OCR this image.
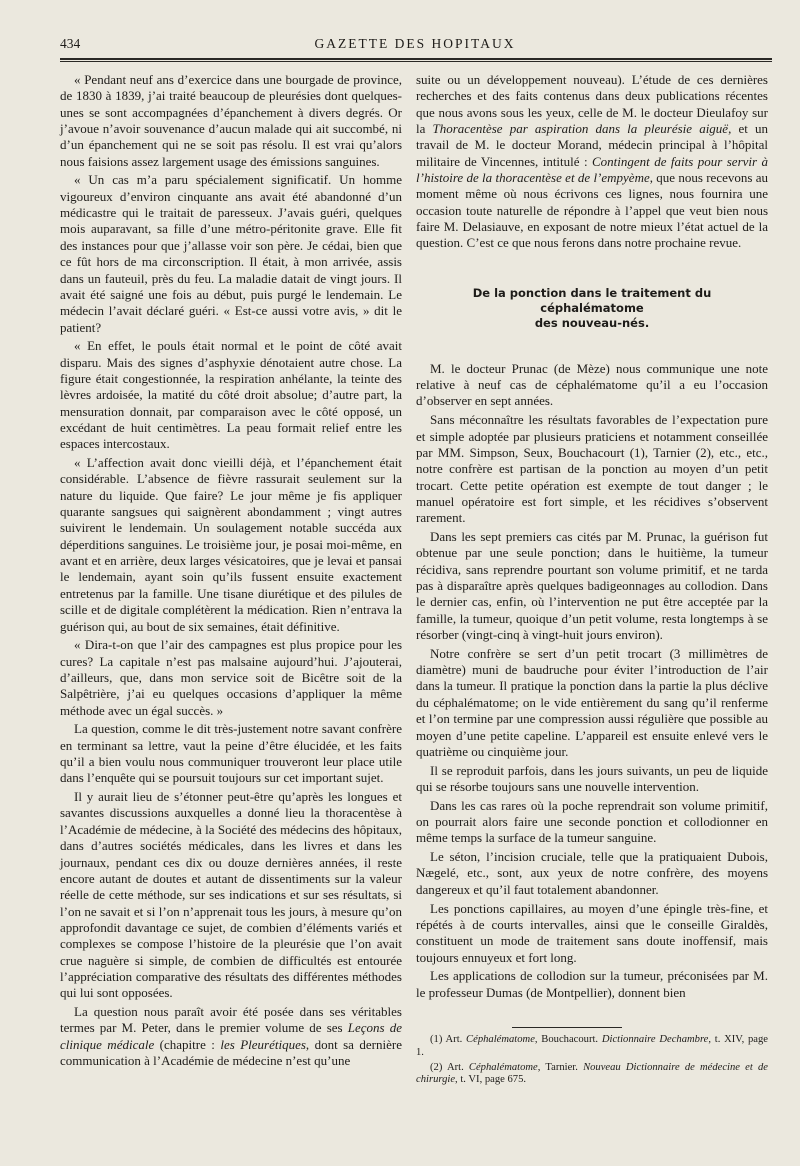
434	GAZETTE DES HOPITAUX

« Pendant neuf ans d’exercice dans une bourgade de province, de 1830 à 1839, j’ai traité beaucoup de pleurésies dont quelques-unes se sont accompagnées d’épanchement à divers degrés. Or j’avoue n’avoir souvenance d’aucun malade qui ait succombé, ni d’un épanchement qui ne se soit pas résolu. Il est vrai qu’alors nous faisions assez largement usage des émissions sanguines.

« Un cas m’a paru spécialement significatif. Un homme vigoureux d’environ cinquante ans avait été abandonné d’un médicastre qui le traitait de paresseux. J’avais guéri, quelques mois auparavant, sa fille d’une métro-péritonite grave. Elle fit des instances pour que j’allasse voir son père. Je cédai, bien que ce fût hors de ma circonscription. Il était, à mon arrivée, assis dans un fauteuil, près du feu. La maladie datait de vingt jours. Il avait été saigné une fois au début, puis purgé le lendemain. Le médecin l’avait déclaré guéri. « Est-ce aussi votre avis, » dit le patient?

« En effet, le pouls était normal et le point de côté avait disparu. Mais des signes d’asphyxie dénotaient autre chose. La figure était congestionnée, la respiration anhélante, la teinte des lèvres ardoisée, la matité du côté droit absolue; d’autre part, la mensuration donnait, par comparaison avec le côté opposé, un excédant de huit centimètres. La peau formait relief entre les espaces intercostaux.

« L’affection avait donc vieilli déjà, et l’épanchement était considérable. L’absence de fièvre rassurait seulement sur la nature du liquide. Que faire? Le jour même je fis appliquer quarante sangsues qui saignèrent abondamment ; vingt autres suivirent le lendemain. Un soulagement notable succéda aux déperditions sanguines. Le troisième jour, je posai moi-même, en avant et en arrière, deux larges vésicatoires, que je levai et pansai le lendemain, ayant soin qu’ils fussent ensuite exactement entretenus par la famille. Une tisane diurétique et des pilules de scille et de digitale complétèrent la médication. Rien n’entrava la guérison qui, au bout de six semaines, était définitive.

« Dira-t-on que l’air des campagnes est plus propice pour les cures? La capitale n’est pas malsaine aujourd’hui. J’ajouterai, d’ailleurs, que, dans mon service soit de Bicêtre soit de la Salpêtrière, j’ai eu quelques occasions d’appliquer la même méthode avec un égal succès. »

La question, comme le dit très-justement notre savant confrère en terminant sa lettre, vaut la peine d’être élucidée, et les faits qu’il a bien voulu nous communiquer trouveront leur place utile dans l’enquête qui se poursuit toujours sur cet important sujet.

Il y aurait lieu de s’étonner peut-être qu’après les longues et savantes discussions auxquelles a donné lieu la thoracentèse à l’Académie de médecine, à la Société des médecins des hôpitaux, dans d’autres sociétés médicales, dans les livres et dans les journaux, pendant ces dix ou douze dernières années, il reste encore autant de doutes et autant de dissentiments sur la valeur réelle de cette méthode, sur ses indications et sur ses résultats, si l’on ne savait et si l’on n’apprenait tous les jours, à mesure qu’on approfondit davantage ce sujet, de combien d’éléments variés et complexes se compose l’histoire de la pleurésie que l’on avait crue naguère si simple, de combien de difficultés est entourée l’appréciation comparative des résultats des différentes méthodes qui lui sont opposées.

La question nous paraît avoir été posée dans ses véritables termes par M. Peter, dans le premier volume de ses Leçons de clinique médicale (chapitre : les Pleurétiques, dont sa dernière communication à l’Académie de médecine n’est qu’une

suite ou un développement nouveau). L’étude de ces dernières recherches et des faits contenus dans deux publications récentes que nous avons sous les yeux, celle de M. le docteur Dieulafoy sur la Thoracentèse par aspiration dans la pleurésie aiguë, et un travail de M. le docteur Morand, médecin principal à l’hôpital militaire de Vincennes, intitulé : Contingent de faits pour servir à l’histoire de la thoracentèse et de l’empyème, que nous recevons au moment même où nous écrivons ces lignes, nous fournira une occasion toute naturelle de répondre à l’appel que veut bien nous faire M. Delasiauve, en exposant de notre mieux l’état actuel de la question. C’est ce que nous ferons dans notre prochaine revue.

De la ponction dans le traitement du céphalématome
des nouveau-nés.

M. le docteur Prunac (de Mèze) nous communique une note relative à neuf cas de céphalématome qu’il a eu l’occasion d’observer en sept années.

Sans méconnaître les résultats favorables de l’expectation pure et simple adoptée par plusieurs praticiens et notamment conseillée par MM. Simpson, Seux, Bouchacourt (1), Tarnier (2), etc., etc., notre confrère est partisan de la ponction au moyen d’un petit trocart. Cette petite opération est exempte de tout danger ; le manuel opératoire est fort simple, et les récidives s’observent rarement.

Dans les sept premiers cas cités par M. Prunac, la guérison fut obtenue par une seule ponction; dans le huitième, la tumeur récidiva, sans reprendre pourtant son volume primitif, et ne tarda pas à disparaître après quelques badigeonnages au collodion. Dans le dernier cas, enfin, où l’intervention ne put être acceptée par la famille, la tumeur, quoique d’un petit volume, resta longtemps à se résorber (vingt-cinq à vingt-huit jours environ).

Notre confrère se sert d’un petit trocart (3 millimètres de diamètre) muni de baudruche pour éviter l’introduction de l’air dans la tumeur. Il pratique la ponction dans la partie la plus déclive du céphalématome; on le vide entièrement du sang qu’il renferme et l’on termine par une compression aussi régulière que possible au moyen d’une petite capeline. L’appareil est ensuite enlevé vers le quatrième ou cinquième jour.

Il se reproduit parfois, dans les jours suivants, un peu de liquide qui se résorbe toujours sans une nouvelle intervention.

Dans les cas rares où la poche reprendrait son volume primitif, on pourrait alors faire une seconde ponction et collodionner en même temps la surface de la tumeur sanguine.

Le séton, l’incision cruciale, telle que la pratiquaient Dubois, Nægelé, etc., sont, aux yeux de notre confrère, des moyens dangereux et qu’il faut totalement abandonner.

Les ponctions capillaires, au moyen d’une épingle très-fine, et répétés à de courts intervalles, ainsi que le conseille Giraldès, constituent un mode de traitement sans doute inoffensif, mais toujours ennuyeux et fort long.

Les applications de collodion sur la tumeur, préconisées par M. le professeur Dumas (de Montpellier), donnent bien

(1) Art. Céphalématome, Bouchacourt. Dictionnaire Dechambre, t. XIV, page 1.

(2) Art. Céphalématome, Tarnier. Nouveau Dictionnaire de médecine et de chirurgie, t. VI, page 675.
